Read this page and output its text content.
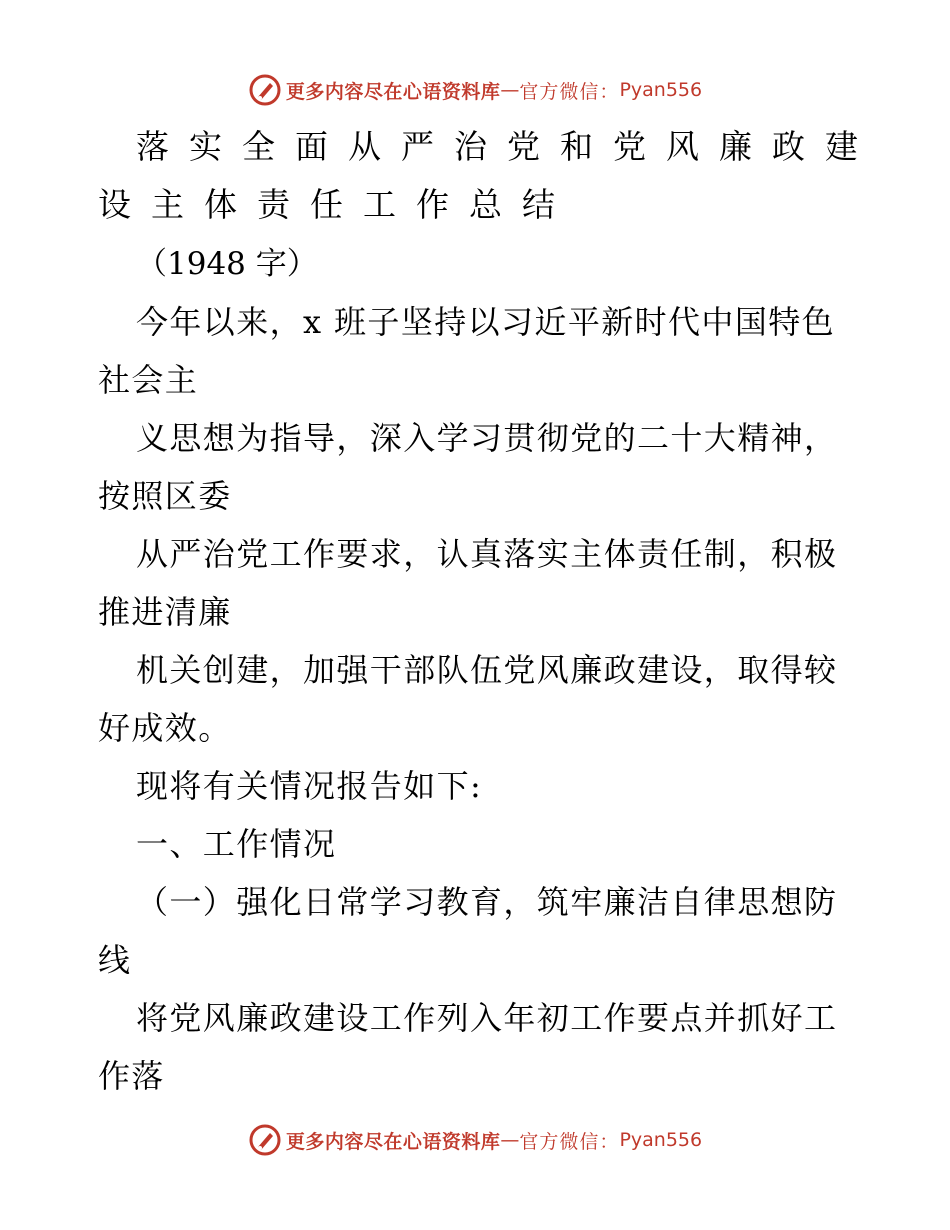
更多内容尽在心语资料库 — 官方微信： Pyan556
落实全面从严治党和党风廉政建
设主体责任工作总结
（1948 字）
今年以来，x 班子坚持以习近平新时代中国特色
社会主
义思想为指导，深入学习贯彻党的二十大精神，
按照区委
从严治党工作要求，认真落实主体责任制，积极
推进清廉
机关创建，加强干部队伍党风廉政建设，取得较
好成效。
现将有关情况报告如下:
一、工作情况
（一）强化日常学习教育，筑牢廉洁自律思想防
线
将党风廉政建设工作列入年初工作要点并抓好工
作落
更多内容尽在心语资料库 — 官方微信： Pyan556
